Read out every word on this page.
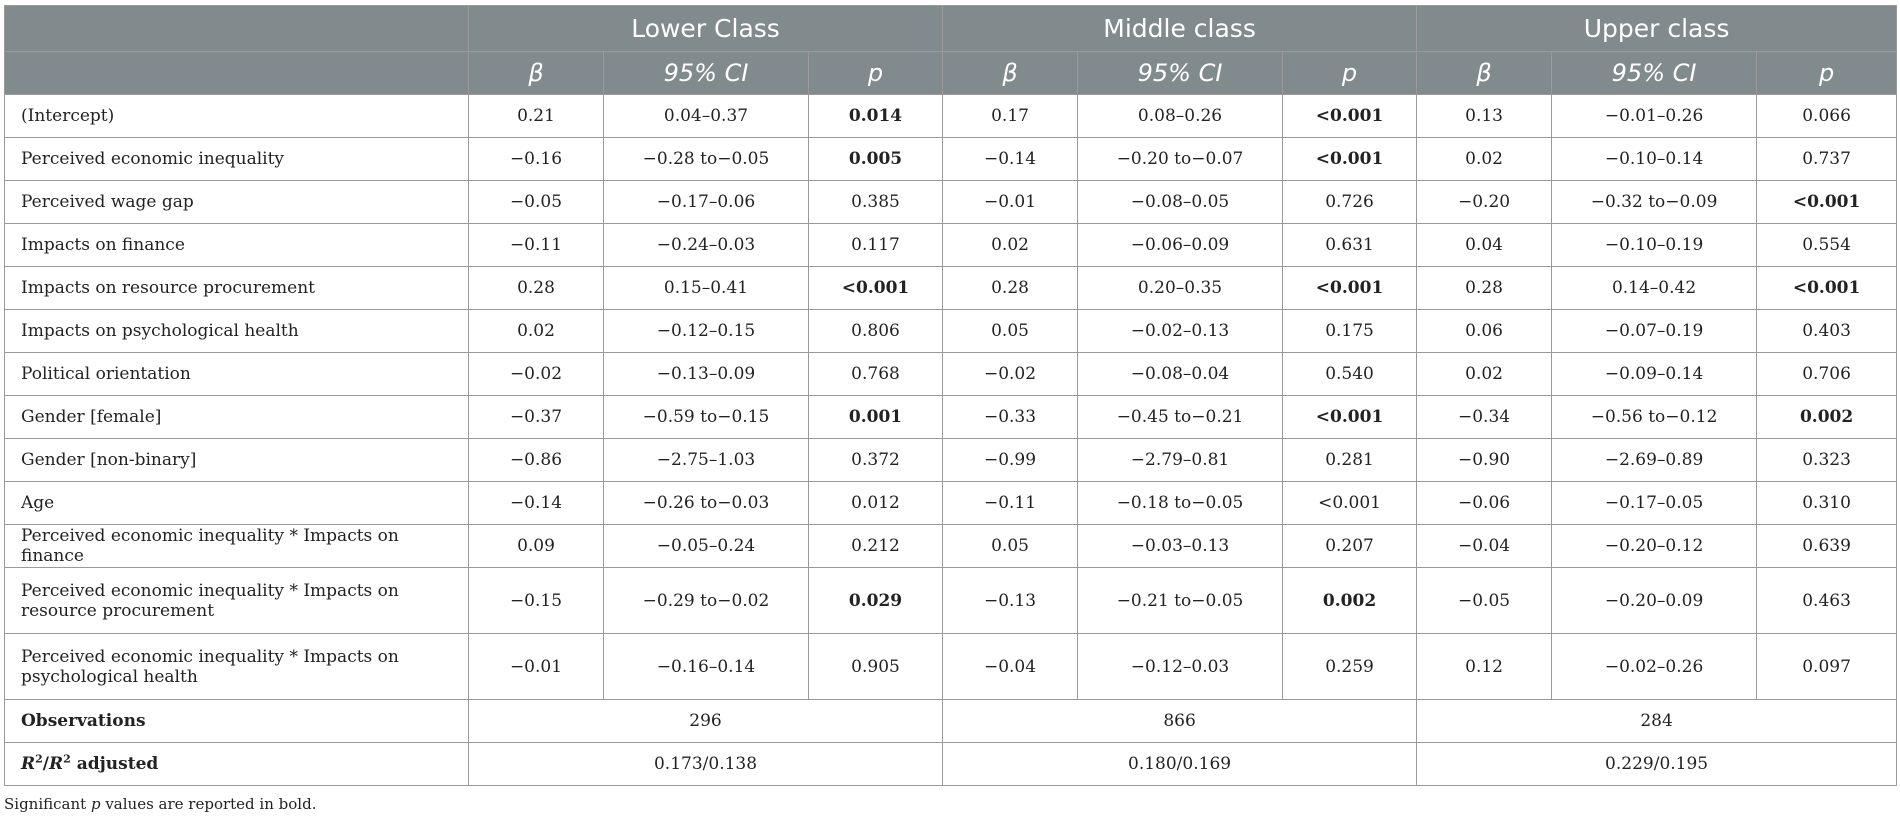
	Lower Class			Middle class			Upper class		
	β	95% CI	p	β	95% CI	p	β	95% CI	p
(Intercept)	0.21	0.04–0.37	0.014	0.17	0.08–0.26	<0.001	0.13	−0.01–0.26	0.066
Perceived economic inequality	−0.16	−0.28 to−0.05	0.005	−0.14	−0.20 to−0.07	<0.001	0.02	−0.10–0.14	0.737
Perceived wage gap	−0.05	−0.17–0.06	0.385	−0.01	−0.08–0.05	0.726	−0.20	−0.32 to−0.09	<0.001
Impacts on finance	−0.11	−0.24–0.03	0.117	0.02	−0.06–0.09	0.631	0.04	−0.10–0.19	0.554
Impacts on resource procurement	0.28	0.15–0.41	<0.001	0.28	0.20–0.35	<0.001	0.28	0.14–0.42	<0.001
Impacts on psychological health	0.02	−0.12–0.15	0.806	0.05	−0.02–0.13	0.175	0.06	−0.07–0.19	0.403
Political orientation	−0.02	−0.13–0.09	0.768	−0.02	−0.08–0.04	0.540	0.02	−0.09–0.14	0.706
Gender [female]	−0.37	−0.59 to−0.15	0.001	−0.33	−0.45 to−0.21	<0.001	−0.34	−0.56 to−0.12	0.002
Gender [non-binary]	−0.86	−2.75–1.03	0.372	−0.99	−2.79–0.81	0.281	−0.90	−2.69–0.89	0.323
Age	−0.14	−0.26 to−0.03	0.012	−0.11	−0.18 to−0.05	<0.001	−0.06	−0.17–0.05	0.310
Perceived economic inequality * Impacts on finance	0.09	−0.05–0.24	0.212	0.05	−0.03–0.13	0.207	−0.04	−0.20–0.12	0.639
Perceived economic inequality * Impacts on resource procurement	−0.15	−0.29 to−0.02	0.029	−0.13	−0.21 to−0.05	0.002	−0.05	−0.20–0.09	0.463
Perceived economic inequality * Impacts on psychological health	−0.01	−0.16–0.14	0.905	−0.04	−0.12–0.03	0.259	0.12	−0.02–0.26	0.097
Observations	296			866			284		
$R^2/R^2$ adjusted	0.173/0.138			0.180/0.169			0.229/0.195		
Significant p values are reported in bold.
